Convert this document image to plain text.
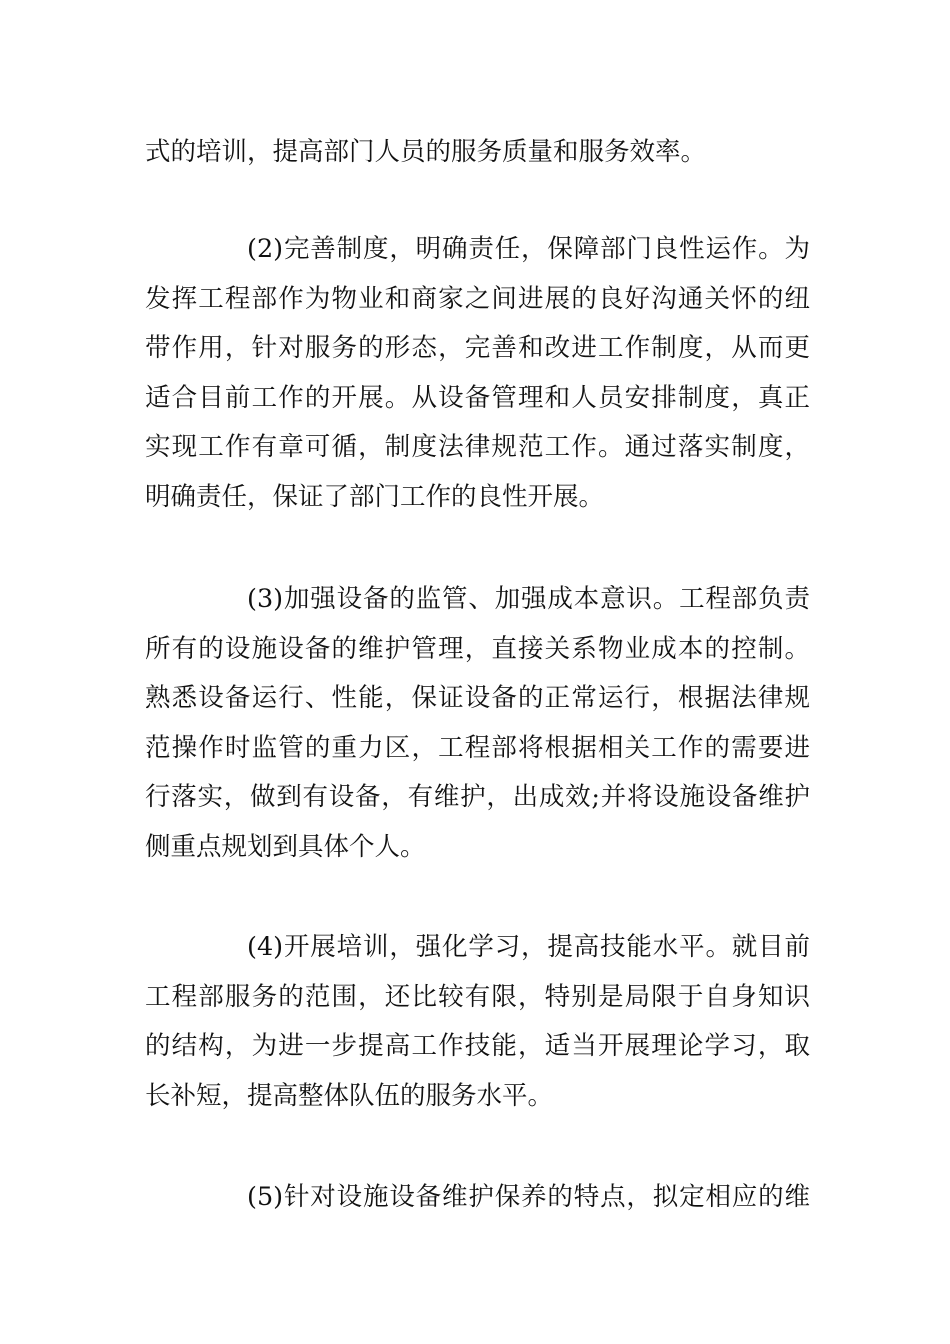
式的培训，提高部门人员的服务质量和服务效率。
(2)完善制度，明确责任，保障部门良性运作。为
发挥工程部作为物业和商家之间进展的良好沟通关怀的纽
带作用，针对服务的形态，完善和改进工作制度，从而更
适合目前工作的开展。从设备管理和人员安排制度，真正
实现工作有章可循，制度法律规范工作。通过落实制度，
明确责任，保证了部门工作的良性开展。
(3)加强设备的监管、加强成本意识。工程部负责
所有的设施设备的维护管理，直接关系物业成本的控制。
熟悉设备运行、性能，保证设备的正常运行，根据法律规
范操作时监管的重力区，工程部将根据相关工作的需要进
行落实，做到有设备，有维护，出成效;并将设施设备维护
侧重点规划到具体个人。
(4)开展培训，强化学习，提高技能水平。就目前
工程部服务的范围，还比较有限，特别是局限于自身知识
的结构，为进一步提高工作技能，适当开展理论学习，取
长补短，提高整体队伍的服务水平。
(5)针对设施设备维护保养的特点，拟定相应的维
